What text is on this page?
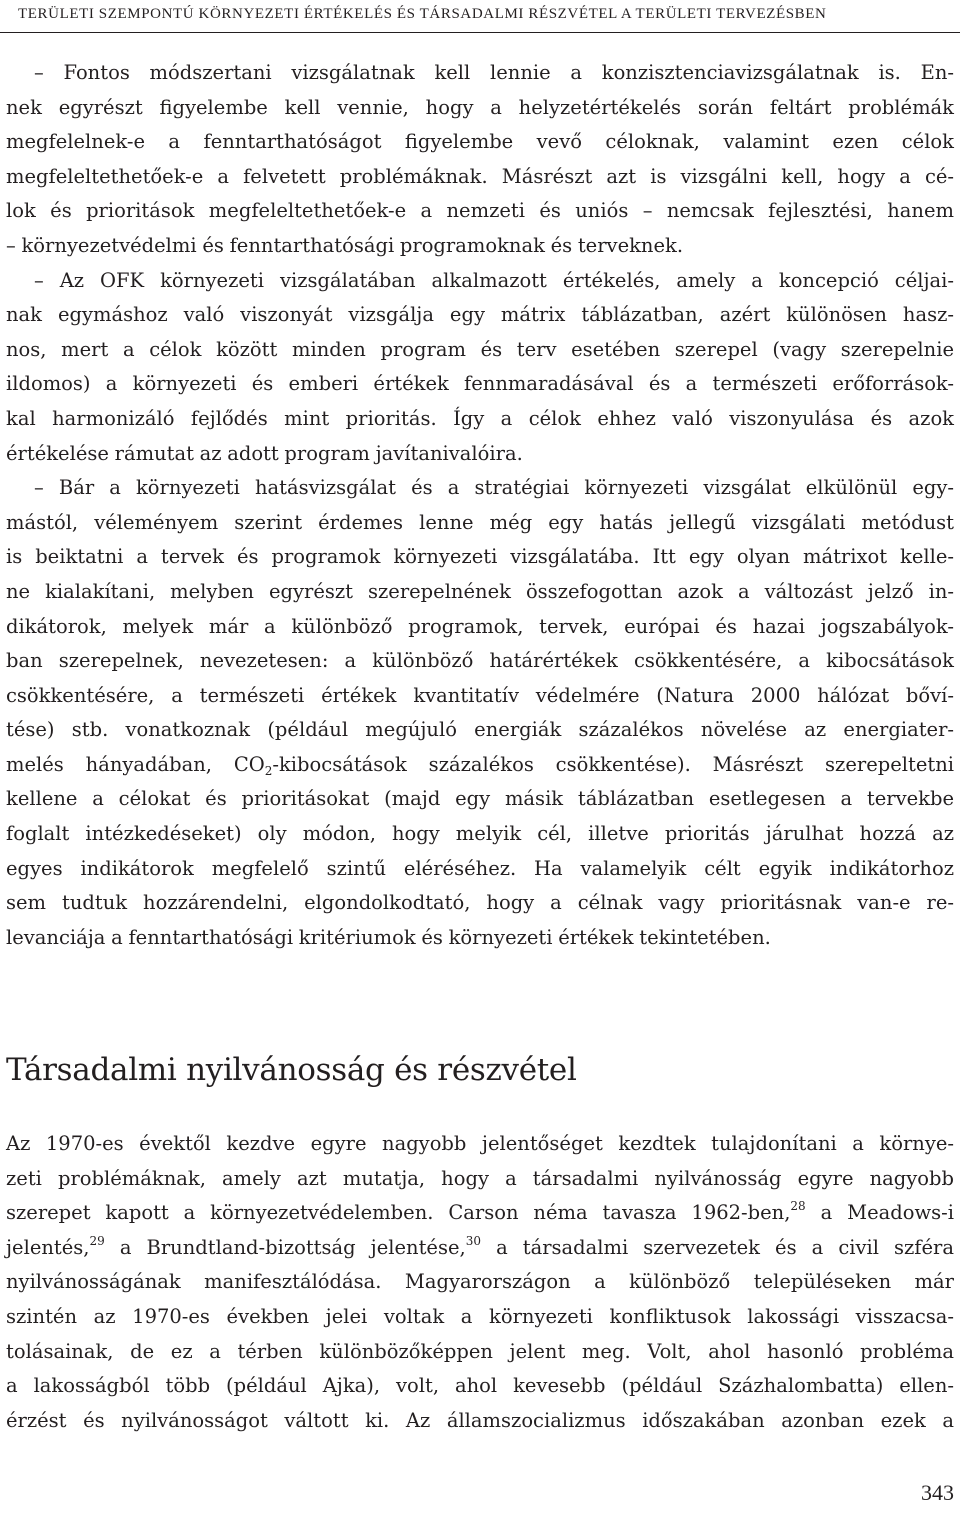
TERÜLETI SZEMPONTÚ KÖRNYEZETI ÉRTÉKELÉS ÉS TÁRSADALMI RÉSZVÉTEL A TERÜLETI TERVEZÉSBEN
– Fontos módszertani vizsgálatnak kell lennie a konzisztenciavizsgálatnak is. En-
nek egyrészt figyelembe kell vennie, hogy a helyzetértékelés során feltárt problémák
megfelelnek-e a fenntarthatóságot figyelembe vevő céloknak, valamint ezen célok
megfeleltethetőek-e a felvetett problémáknak. Másrészt azt is vizsgálni kell, hogy a cé-
lok és prioritások megfeleltethetőek-e a nemzeti és uniós – nemcsak fejlesztési, hanem
– környezetvédelmi és fenntarthatósági programoknak és terveknek.
– Az OFK környezeti vizsgálatában alkalmazott értékelés, amely a koncepció céljai-
nak egymáshoz való viszonyát vizsgálja egy mátrix táblázatban, azért különösen hasz-
nos, mert a célok között minden program és terv esetében szerepel (vagy szerepelnie
ildomos) a környezeti és emberi értékek fennmaradásával és a természeti erőforrások-
kal harmonizáló fejlődés mint prioritás. Így a célok ehhez való viszonyulása és azok
értékelése rámutat az adott program javítanivalóira.
– Bár a környezeti hatásvizsgálat és a stratégiai környezeti vizsgálat elkülönül egy-
mástól, véleményem szerint érdemes lenne még egy hatás jellegű vizsgálati metódust
is beiktatni a tervek és programok környezeti vizsgálatába. Itt egy olyan mátrixot kelle-
ne kialakítani, melyben egyrészt szerepelnének összefogottan azok a változást jelző in-
dikátorok, melyek már a különböző programok, tervek, európai és hazai jogszabályok-
ban szerepelnek, nevezetesen: a különböző határértékek csökkentésére, a kibocsátások
csökkentésére, a természeti értékek kvantitatív védelmére (Natura 2000 hálózat bővı́-
tése) stb. vonatkoznak (például megújuló energiák százalékos növelése az energiater-
melés hányadában, $CO_2$-kibocsátások százalékos csökkentése). Másrészt szerepeltetni
kellene a célokat és prioritásokat (majd egy másik táblázatban esetlegesen a tervekbe
foglalt intézkedéseket) oly módon, hogy melyik cél, illetve prioritás járulhat hozzá az
egyes indikátorok megfelelő szintű eléréséhez. Ha valamelyik célt egyik indikátorhoz
sem tudtuk hozzárendelni, elgondolkodtató, hogy a célnak vagy prioritásnak van-e re-
levanciája a fenntarthatósági kritériumok és környezeti értékek tekintetében.
Társadalmi nyilvánosság és részvétel
Az 1970-es évektől kezdve egyre nagyobb jelentőséget kezdtek tulajdonítani a környe-
zeti problémáknak, amely azt mutatja, hogy a társadalmi nyilvánosság egyre nagyobb
szerepet kapott a környezetvédelemben. Carson néma tavasza 1962-ben,$^{28}$ a Meadows-i
jelentés,$^{29}$ a Brundtland-bizottság jelentése,$^{30}$ a társadalmi szervezetek és a civil szféra
nyilvánosságának manifesztálódása. Magyarországon a különböző településeken már
szintén az 1970-es években jelei voltak a környezeti konfliktusok lakossági visszacsa-
tolásainak, de ez a térben különbözőképpen jelent meg. Volt, ahol hasonló probléma
a lakosságból több (például Ajka), volt, ahol kevesebb (például Százhalombatta) ellen-
érzést és nyilvánosságot váltott ki. Az államszocializmus időszakában azonban ezek a
343
